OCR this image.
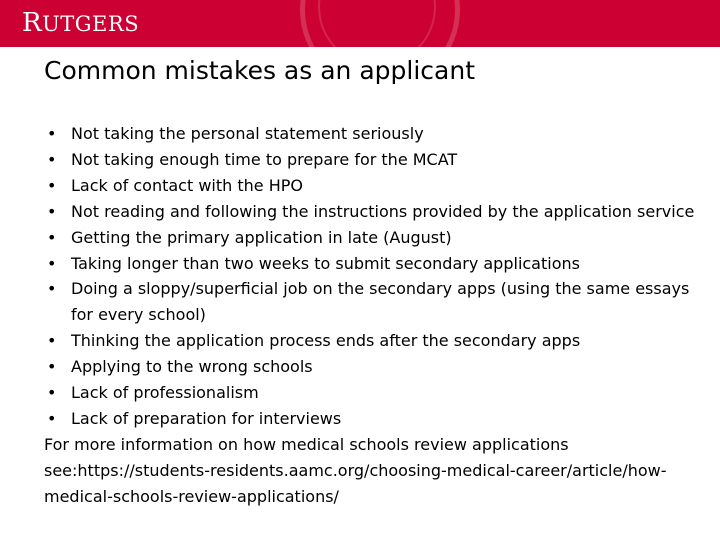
RUTGERS
Common mistakes as an applicant
• Not taking the personal statement seriously
• Not taking enough time to prepare for the MCAT
• Lack of contact with the HPO
• Not reading and following the instructions provided by the application service
• Getting the primary application in late (August)
• Taking longer than two weeks to submit secondary applications
• Doing a sloppy/superficial job on the secondary apps (using the same essays for every school)
• Thinking the application process ends after the secondary apps
• Applying to the wrong schools
• Lack of professionalism
• Lack of preparation for interviews

For more information on how medical schools review applications see:https://students-residents.aamc.org/choosing-medical-career/article/how-medical-schools-review-applications/
